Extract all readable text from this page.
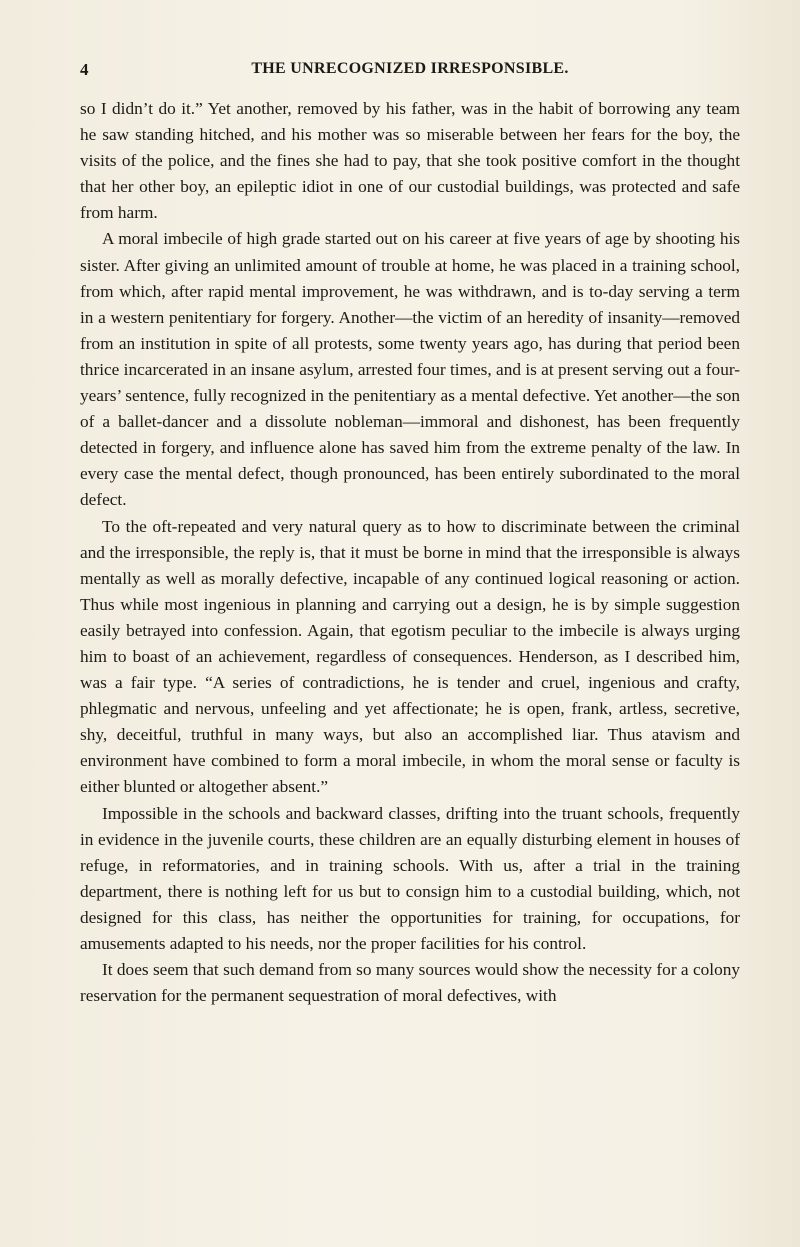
4	THE UNRECOGNIZED IRRESPONSIBLE.

so I didn’t do it.” Yet another, removed by his father, was in the habit of borrowing any team he saw standing hitched, and his mother was so miserable between her fears for the boy, the visits of the police, and the fines she had to pay, that she took positive comfort in the thought that her other boy, an epileptic idiot in one of our custodial buildings, was protected and safe from harm.

A moral imbecile of high grade started out on his career at five years of age by shooting his sister. After giving an unlimited amount of trouble at home, he was placed in a training school, from which, after rapid mental improvement, he was withdrawn, and is to-day serving a term in a western penitentiary for forgery. Another—the victim of an heredity of insanity—removed from an institution in spite of all protests, some twenty years ago, has during that period been thrice incarcerated in an insane asylum, arrested four times, and is at present serving out a four-years’ sentence, fully recognized in the penitentiary as a mental defective. Yet another—the son of a ballet-dancer and a dissolute nobleman—immoral and dishonest, has been frequently detected in forgery, and influence alone has saved him from the extreme penalty of the law. In every case the mental defect, though pronounced, has been entirely subordinated to the moral defect.

To the oft-repeated and very natural query as to how to discriminate between the criminal and the irresponsible, the reply is, that it must be borne in mind that the irresponsible is always mentally as well as morally defective, incapable of any continued logical reasoning or action. Thus while most ingenious in planning and carrying out a design, he is by simple suggestion easily betrayed into confession. Again, that egotism peculiar to the imbecile is always urging him to boast of an achievement, regardless of consequences. Henderson, as I described him, was a fair type. “A series of contradictions, he is tender and cruel, ingenious and crafty, phlegmatic and nervous, unfeeling and yet affectionate; he is open, frank, artless, secretive, shy, deceitful, truthful in many ways, but also an accomplished liar. Thus atavism and environment have combined to form a moral imbecile, in whom the moral sense or faculty is either blunted or altogether absent.”

Impossible in the schools and backward classes, drifting into the truant schools, frequently in evidence in the juvenile courts, these children are an equally disturbing element in houses of refuge, in reformatories, and in training schools. With us, after a trial in the training department, there is nothing left for us but to consign him to a custodial building, which, not designed for this class, has neither the opportunities for training, for occupations, for amusements adapted to his needs, nor the proper facilities for his control.

It does seem that such demand from so many sources would show the necessity for a colony reservation for the permanent sequestration of moral defectives, with
